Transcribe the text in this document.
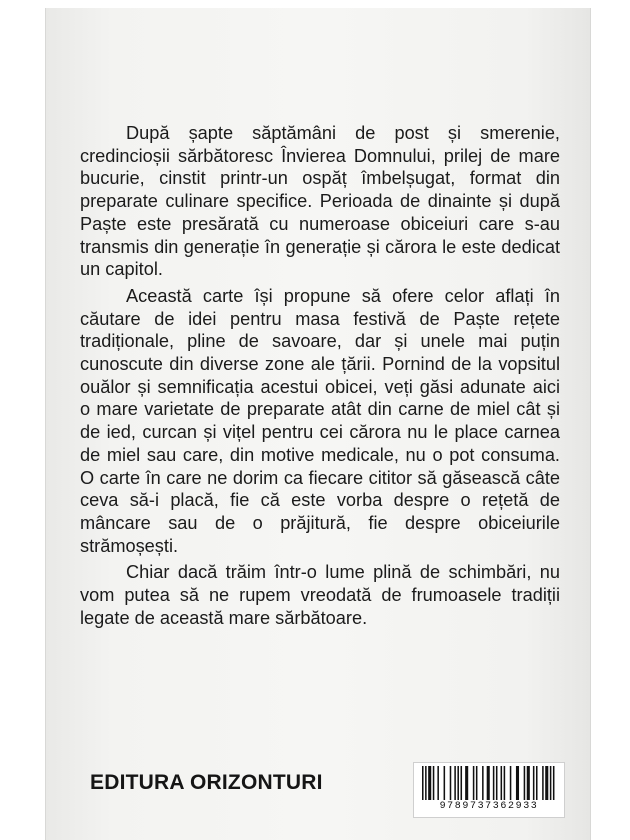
După șapte săptămâni de post și smerenie, credincioșii sărbătoresc Învierea Domnului, prilej de mare bucurie, cinstit printr-un ospăț îmbelșugat, format din preparate culinare specifice. Perioada de dinainte și după Paște este presărată cu numeroase obiceiuri care s-au transmis din generație în generație și cărora le este dedicat un capitol.

Această carte își propune să ofere celor aflați în căutare de idei pentru masa festivă de Paște rețete tradiționale, pline de savoare, dar și unele mai puțin cunoscute din diverse zone ale țării. Pornind de la vopsitul ouălor și semnificația acestui obicei, veți găsi adunate aici o mare varietate de preparate atât din carne de miel cât și de ied, curcan și vițel pentru cei cărora nu le place carnea de miel sau care, din motive medicale, nu o pot consuma. O carte în care ne dorim ca fiecare cititor să găsească câte ceva să-i placă, fie că este vorba despre o rețetă de mâncare sau de o prăjitură, fie despre obiceiurile strămoșești.

Chiar dacă trăim într-o lume plină de schimbări, nu vom putea să ne rupem vreodată de frumoasele tradiții legate de această mare sărbătoare.

EDITURA ORIZONTURI
9789737362933
